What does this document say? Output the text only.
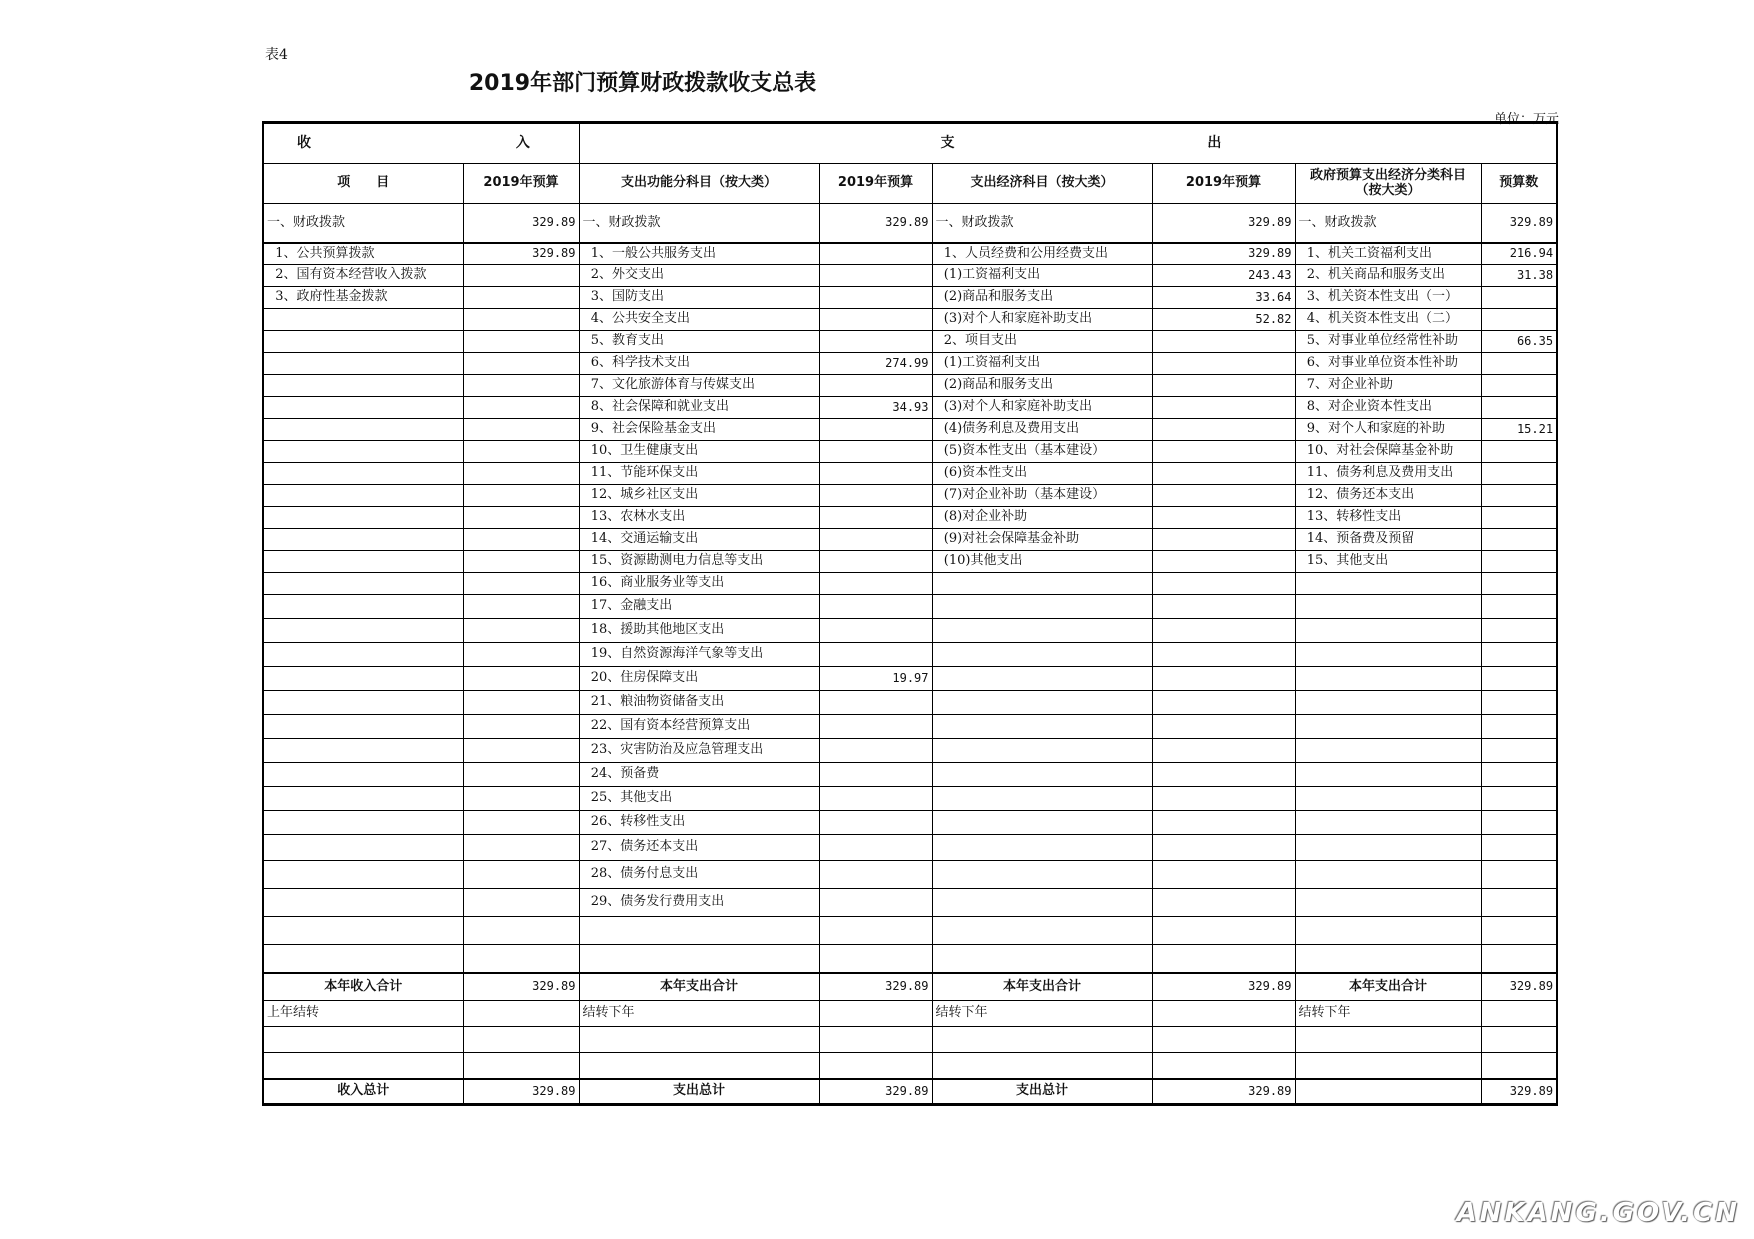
表4
2019年部门预算财政拨款收支总表
单位：万元
收 入		支 出					
项　　目	2019年预算	支出功能分科目（按大类）	2019年预算	支出经济科目（按大类）	2019年预算	政府预算支出经济分类科目（按大类）	预算数
一、财政拨款	329.89	一、财政拨款	329.89	一、财政拨款	329.89	一、财政拨款	329.89
1、公共预算拨款	329.89	1、一般公共服务支出		1、人员经费和公用经费支出	329.89	1、机关工资福利支出	216.94
2、国有资本经营收入拨款		2、外交支出		(1)工资福利支出	243.43	2、机关商品和服务支出	31.38
3、政府性基金拨款		3、国防支出		(2)商品和服务支出	33.64	3、机关资本性支出（一）	
		4、公共安全支出		(3)对个人和家庭补助支出	52.82	4、机关资本性支出（二）	
		5、教育支出		2、项目支出		5、对事业单位经常性补助	66.35
		6、科学技术支出	274.99	(1)工资福利支出		6、对事业单位资本性补助	
		7、文化旅游体育与传媒支出		(2)商品和服务支出		7、对企业补助	
		8、社会保障和就业支出	34.93	(3)对个人和家庭补助支出		8、对企业资本性支出	
		9、社会保险基金支出		(4)债务利息及费用支出		9、对个人和家庭的补助	15.21
		10、卫生健康支出		(5)资本性支出（基本建设）		10、对社会保障基金补助	
		11、节能环保支出		(6)资本性支出		11、债务利息及费用支出	
		12、城乡社区支出		(7)对企业补助（基本建设）		12、债务还本支出	
		13、农林水支出		(8)对企业补助		13、转移性支出	
		14、交通运输支出		(9)对社会保障基金补助		14、预备费及预留	
		15、资源勘测电力信息等支出		(10)其他支出		15、其他支出	
		16、商业服务业等支出					
		17、金融支出					
		18、援助其他地区支出					
		19、自然资源海洋气象等支出					
		20、住房保障支出	19.97				
		21、粮油物资储备支出					
		22、国有资本经营预算支出					
		23、灾害防治及应急管理支出					
		24、预备费					
		25、其他支出					
		26、转移性支出					
		27、债务还本支出					
		28、债务付息支出					
		29、债务发行费用支出					

本年收入合计	329.89	本年支出合计	329.89	本年支出合计	329.89	本年支出合计	329.89
上年结转		结转下年		结转下年		结转下年	

收入总计	329.89	支出总计	329.89	支出总计	329.89		329.89
ANKANG.GOV.CN
